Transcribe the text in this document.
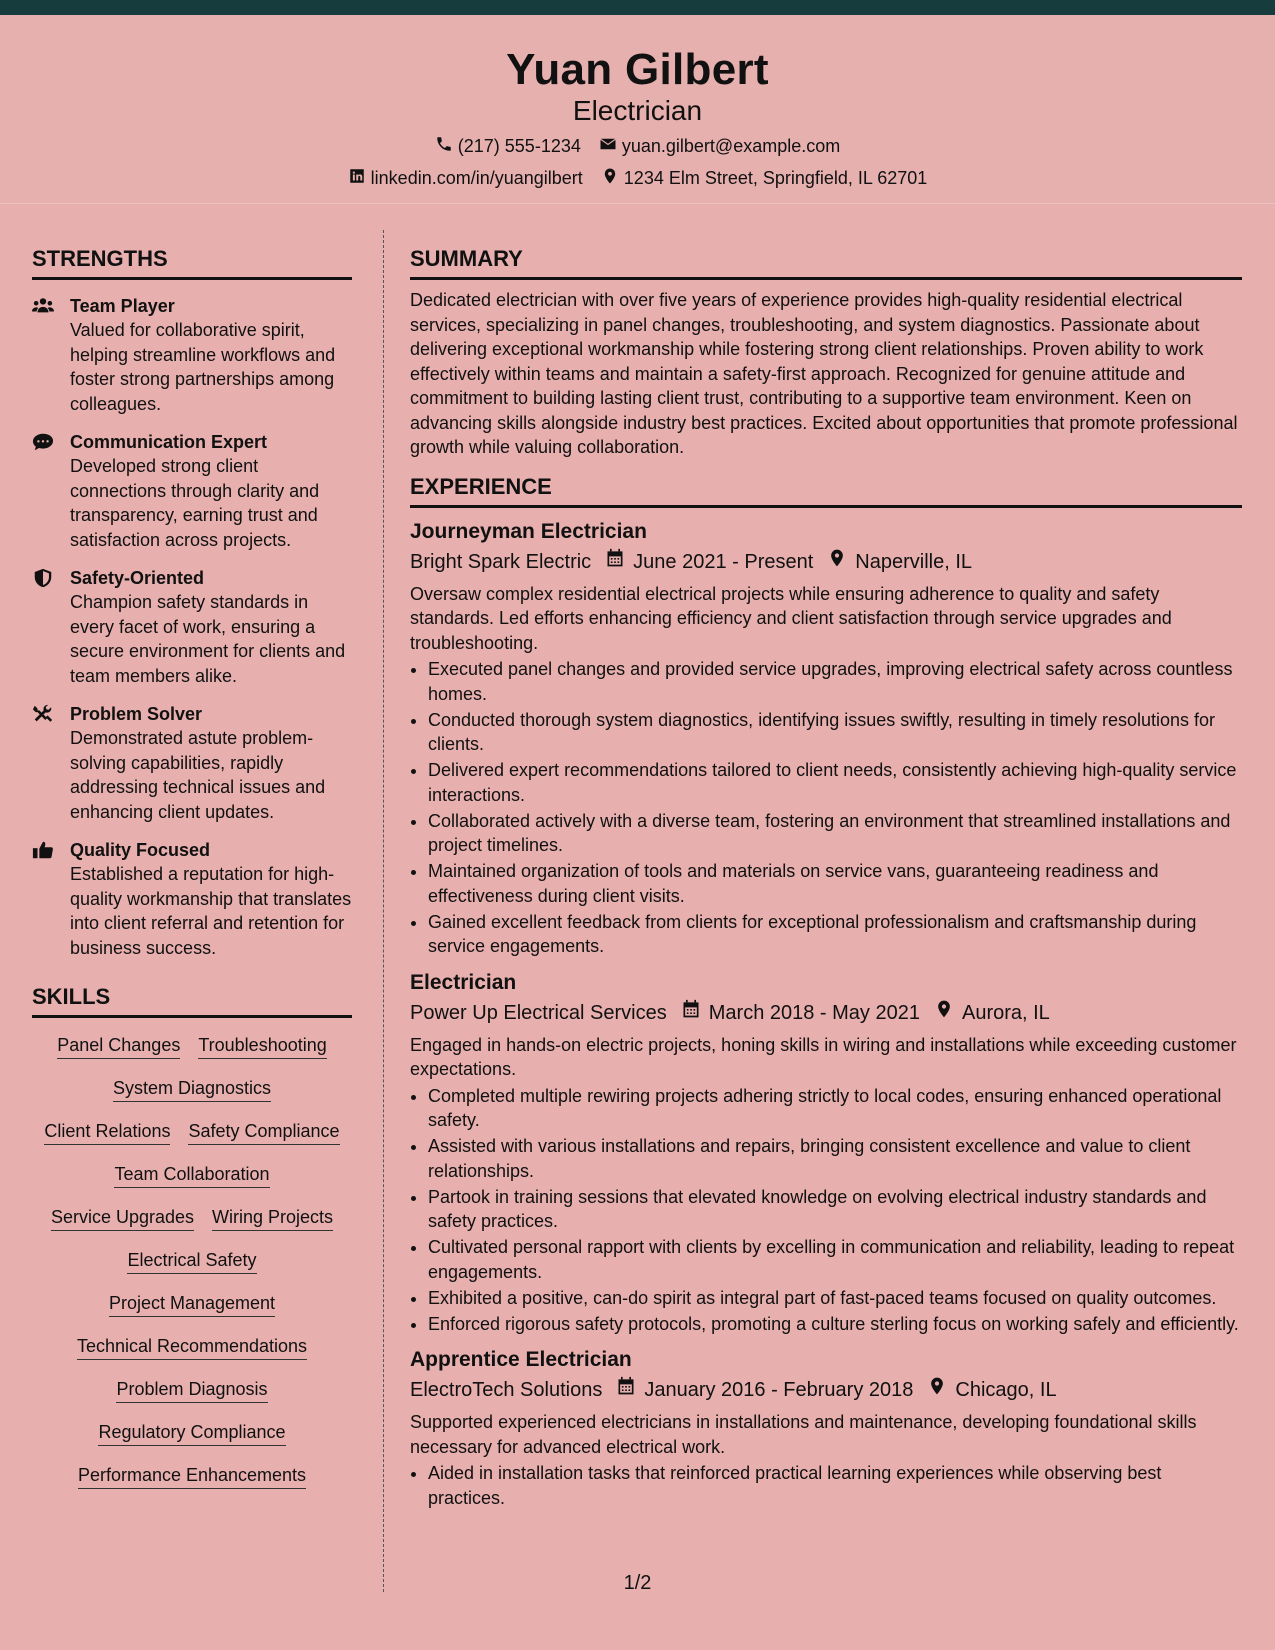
Yuan Gilbert
Electrician
(217) 555-1234 yuan.gilbert@example.com
linkedin.com/in/yuangilbert 1234 Elm Street, Springfield, IL 62701
STRENGTHS
Team Player
Valued for collaborative spirit, helping streamline workflows and foster strong partnerships among colleagues.
Communication Expert
Developed strong client connections through clarity and transparency, earning trust and satisfaction across projects.
Safety-Oriented
Champion safety standards in every facet of work, ensuring a secure environment for clients and team members alike.
Problem Solver
Demonstrated astute problem-solving capabilities, rapidly addressing technical issues and enhancing client updates.
Quality Focused
Established a reputation for high-quality workmanship that translates into client referral and retention for business success.
SKILLS
Panel Changes Troubleshooting
System Diagnostics
Client Relations Safety Compliance
Team Collaboration
Service Upgrades Wiring Projects
Electrical Safety
Project Management
Technical Recommendations
Problem Diagnosis
Regulatory Compliance
Performance Enhancements
SUMMARY
Dedicated electrician with over five years of experience provides high-quality residential electrical services, specializing in panel changes, troubleshooting, and system diagnostics. Passionate about delivering exceptional workmanship while fostering strong client relationships. Proven ability to work effectively within teams and maintain a safety-first approach. Recognized for genuine attitude and commitment to building lasting client trust, contributing to a supportive team environment. Keen on advancing skills alongside industry best practices. Excited about opportunities that promote professional growth while valuing collaboration.
EXPERIENCE
Journeyman Electrician
Bright Spark Electric June 2021 - Present Naperville, IL
Oversaw complex residential electrical projects while ensuring adherence to quality and safety standards. Led efforts enhancing efficiency and client satisfaction through service upgrades and troubleshooting.
• Executed panel changes and provided service upgrades, improving electrical safety across countless homes.
• Conducted thorough system diagnostics, identifying issues swiftly, resulting in timely resolutions for clients.
• Delivered expert recommendations tailored to client needs, consistently achieving high-quality service interactions.
• Collaborated actively with a diverse team, fostering an environment that streamlined installations and project timelines.
• Maintained organization of tools and materials on service vans, guaranteeing readiness and effectiveness during client visits.
• Gained excellent feedback from clients for exceptional professionalism and craftsmanship during service engagements.
Electrician
Power Up Electrical Services March 2018 - May 2021 Aurora, IL
Engaged in hands-on electric projects, honing skills in wiring and installations while exceeding customer expectations.
• Completed multiple rewiring projects adhering strictly to local codes, ensuring enhanced operational safety.
• Assisted with various installations and repairs, bringing consistent excellence and value to client relationships.
• Partook in training sessions that elevated knowledge on evolving electrical industry standards and safety practices.
• Cultivated personal rapport with clients by excelling in communication and reliability, leading to repeat engagements.
• Exhibited a positive, can-do spirit as integral part of fast-paced teams focused on quality outcomes.
• Enforced rigorous safety protocols, promoting a culture sterling focus on working safely and efficiently.
Apprentice Electrician
ElectroTech Solutions January 2016 - February 2018 Chicago, IL
Supported experienced electricians in installations and maintenance, developing foundational skills necessary for advanced electrical work.
• Aided in installation tasks that reinforced practical learning experiences while observing best practices.
1/2
